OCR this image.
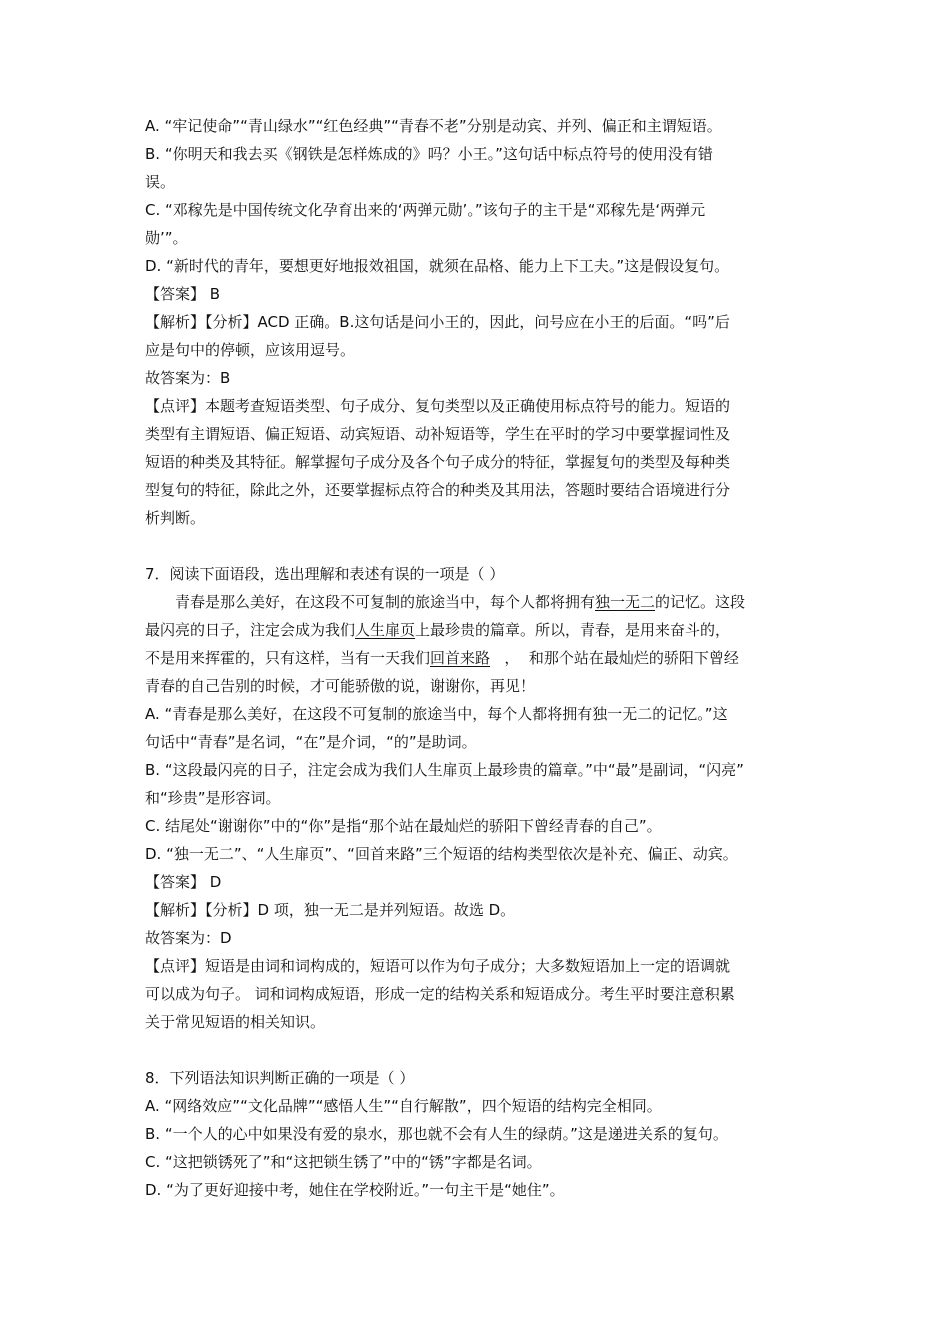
A. “牢记使命”“青山绿水”“红色经典”“青春不老”分别是动宾、并列、偏正和主谓短语。
B. “你明天和我去买《钢铁是怎样炼成的》吗？小王。”这句话中标点符号的使用没有错
误。
C. “邓稼先是中国传统文化孕育出来的‘两弹元勋’。”该句子的主干是“邓稼先是‘两弹元
勋’”。
D. “新时代的青年，要想更好地报效祖国，就须在品格、能力上下工夫。”这是假设复句。
【答案】 B
【解析】【分析】ACD 正确。B.这句话是问小王的，因此，问号应在小王的后面。“吗”后
应是句中的停顿，应该用逗号。
故答案为：B
【点评】本题考查短语类型、句子成分、复句类型以及正确使用标点符号的能力。短语的
类型有主谓短语、偏正短语、动宾短语、动补短语等，学生在平时的学习中要掌握词性及
短语的种类及其特征。解掌握句子成分及各个句子成分的特征，掌握复句的类型及每种类
型复句的特征，除此之外，还要掌握标点符合的种类及其用法，答题时要结合语境进行分
析判断。
7．阅读下面语段，选出理解和表述有误的一项是（ ）
青春是那么美好，在这段不可复制的旅途当中，每个人都将拥有独一无二的记忆。这段
最闪亮的日子，注定会成为我们人生扉页上最珍贵的篇章。所以，青春，是用来奋斗的，
不是用来挥霍的，只有这样，当有一天我们回首来路   ，  和那个站在最灿烂的骄阳下曾经
青春的自己告别的时候，才可能骄傲的说，谢谢你，再见！
A. “青春是那么美好，在这段不可复制的旅途当中，每个人都将拥有独一无二的记忆。”这
句话中“青春”是名词，“在”是介词，“的”是助词。
B. “这段最闪亮的日子，注定会成为我们人生扉页上最珍贵的篇章。”中“最”是副词，“闪亮”
和“珍贵”是形容词。
C. 结尾处“谢谢你”中的“你”是指“那个站在最灿烂的骄阳下曾经青春的自己”。
D. “独一无二”、“人生扉页”、“回首来路”三个短语的结构类型依次是补充、偏正、动宾。
【答案】 D
【解析】【分析】D 项，独一无二是并列短语。故选 D。
故答案为：D
【点评】短语是由词和词构成的，短语可以作为句子成分；大多数短语加上一定的语调就
可以成为句子。 词和词构成短语，形成一定的结构关系和短语成分。考生平时要注意积累
关于常见短语的相关知识。
8．下列语法知识判断正确的一项是（ ）
A. “网络效应”“文化品牌”“感悟人生”“自行解散”，四个短语的结构完全相同。
B. “一个人的心中如果没有爱的泉水，那也就不会有人生的绿荫。”这是递进关系的复句。
C. “这把锁锈死了”和“这把锁生锈了”中的“锈”字都是名词。
D. “为了更好迎接中考，她住在学校附近。”一句主干是“她住”。
